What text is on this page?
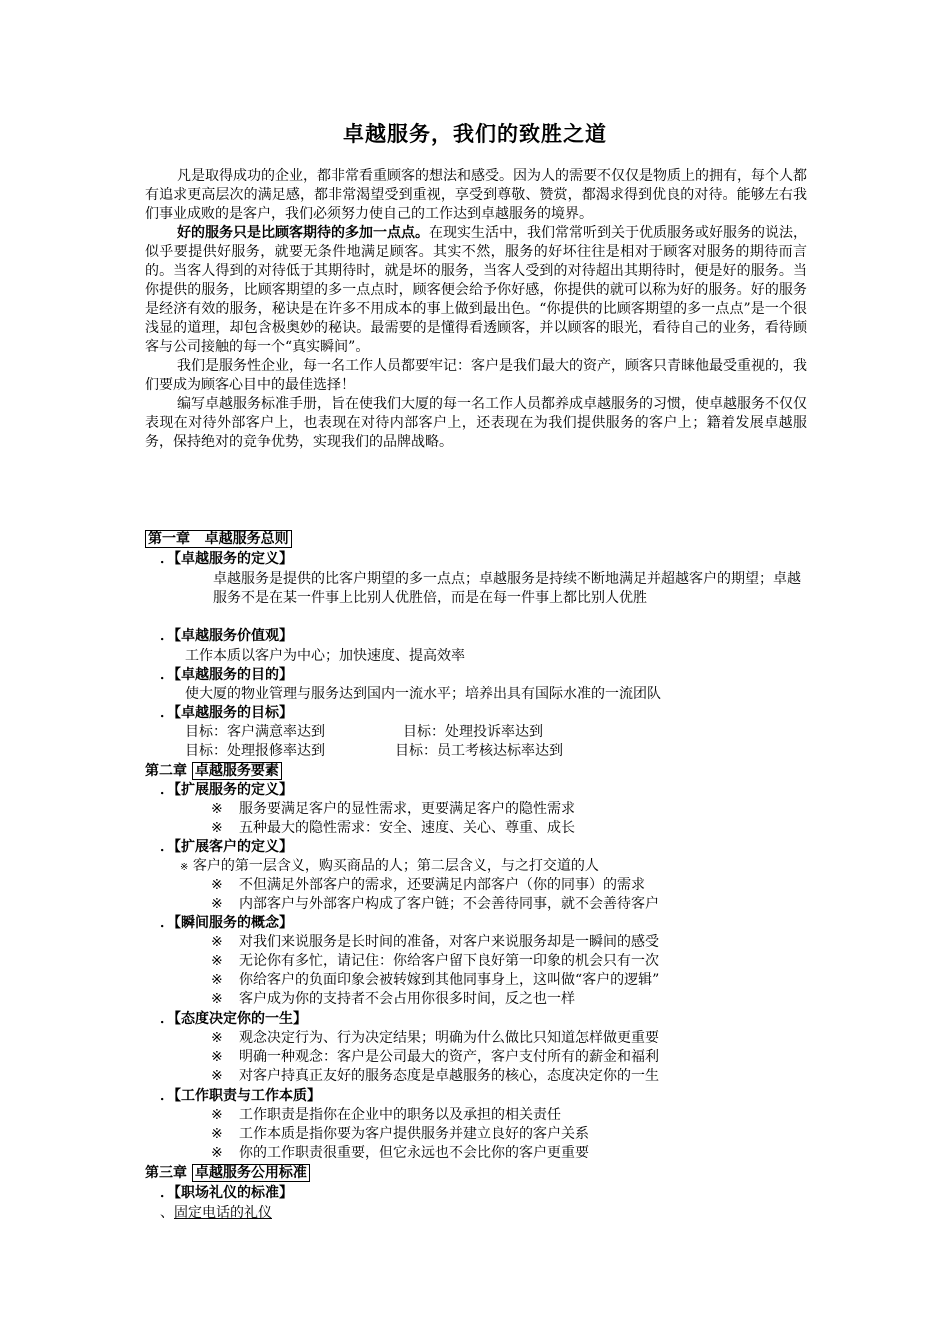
卓越服务，我们的致胜之道

凡是取得成功的企业，都非常看重顾客的想法和感受。因为人的需要不仅仅是物质上的拥有，每个人都有追求更高层次的满足感，都非常渴望受到重视，享受到尊敬、赞赏，都渴求得到优良的对待。能够左右我们事业成败的是客户，我们必须努力使自己的工作达到卓越服务的境界。

好的服务只是比顾客期待的多加一点点。在现实生活中，我们常常听到关于优质服务或好服务的说法，似乎要提供好服务，就要无条件地满足顾客。其实不然，服务的好坏往往是相对于顾客对服务的期待而言的。当客人得到的对待低于其期待时，就是坏的服务，当客人受到的对待超出其期待时，便是好的服务。当你提供的服务，比顾客期望的多一点点时，顾客便会给予你好感，你提供的就可以称为好的服务。好的服务是经济有效的服务，秘诀是在许多不用成本的事上做到最出色。“你提供的比顾客期望的多一点点”是一个很浅显的道理，却包含极奥妙的秘诀。最需要的是懂得看透顾客，并以顾客的眼光，看待自己的业务，看待顾客与公司接触的每一个“真实瞬间”。

我们是服务性企业，每一名工作人员都要牢记：客户是我们最大的资产，顾客只青睐他最受重视的，我们要成为顾客心目中的最佳选择！

编写卓越服务标准手册，旨在使我们大厦的每一名工作人员都养成卓越服务的习惯，使卓越服务不仅仅表现在对待外部客户上，也表现在对待内部客户上，还表现在为我们提供服务的客户上；籍着发展卓越服务，保持绝对的竞争优势，实现我们的品牌战略。

第一章 卓越服务总则
．【卓越服务的定义】
卓越服务是提供的比客户期望的多一点点；卓越服务是持续不断地满足并超越客户的期望；卓越服务不是在某一件事上比别人优胜倍，而是在每一件事上都比别人优胜
．【卓越服务价值观】
工作本质以客户为中心；加快速度、提高效率
．【卓越服务的目的】
使大厦的物业管理与服务达到国内一流水平；培养出具有国际水准的一流团队
．【卓越服务的目标】
目标：客户满意率达到	目标：处理投诉率达到
目标：处理报修率达到	目标：员工考核达标率达到
第二章 卓越服务要素
．【扩展服务的定义】
※ 服务要满足客户的显性需求，更要满足客户的隐性需求
※ 五种最大的隐性需求：安全、速度、关心、尊重、成长
．【扩展客户的定义】
※ 客户的第一层含义，购买商品的人；第二层含义，与之打交道的人
※ 不但满足外部客户的需求，还要满足内部客户（你的同事）的需求
※ 内部客户与外部客户构成了客户链；不会善待同事，就不会善待客户
．【瞬间服务的概念】
※ 对我们来说服务是长时间的准备，对客户来说服务却是一瞬间的感受
※ 无论你有多忙，请记住：你给客户留下良好第一印象的机会只有一次
※ 你给客户的负面印象会被转嫁到其他同事身上，这叫做“客户的逻辑”
※ 客户成为你的支持者不会占用你很多时间，反之也一样
．【态度决定你的一生】
※ 观念决定行为、行为决定结果；明确为什么做比只知道怎样做更重要
※ 明确一种观念：客户是公司最大的资产，客户支付所有的薪金和福利
※ 对客户持真正友好的服务态度是卓越服务的核心，态度决定你的一生
．【工作职责与工作本质】
※ 工作职责是指你在企业中的职务以及承担的相关责任
※ 工作本质是指你要为客户提供服务并建立良好的客户关系
※ 你的工作职责很重要，但它永远也不会比你的客户更重要
第三章 卓越服务公用标准
．【职场礼仪的标准】
、固定电话的礼仪
